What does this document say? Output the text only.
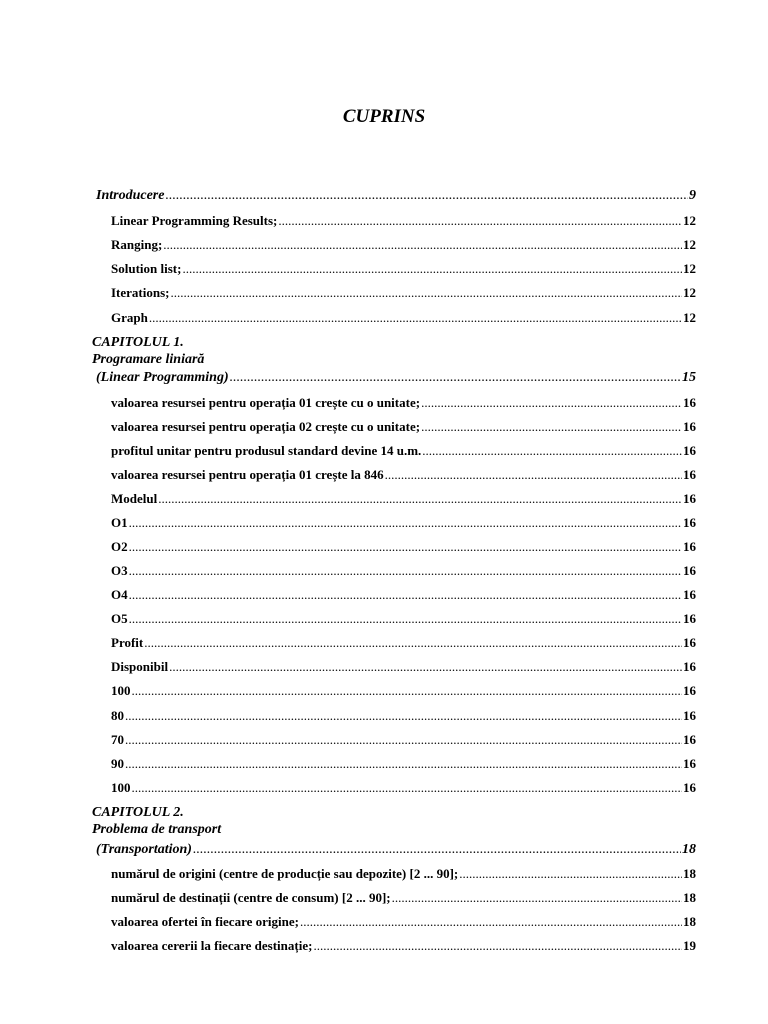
CUPRINS
Introducere .....	9
Linear Programming Results; .....	12
Ranging; .....	12
Solution list; .....	12
Iterations; .....	12
Graph .....	12
CAPITOLUL 1.
Programare liniară
(Linear Programming) .....	15
valoarea resursei pentru operația 01 crește cu o unitate; .....	16
valoarea resursei pentru operația 02 crește cu o unitate; .....	16
profitul unitar pentru produsul standard devine 14 u.m. .....	16
valoarea resursei pentru operația 01 crește la 846 .....	16
Modelul .....	16
O1 .....	16
O2 .....	16
O3 .....	16
O4 .....	16
O5 .....	16
Profit .....	16
Disponibil .....	16
100 .....	16
80 .....	16
70 .....	16
90 .....	16
100 .....	16
CAPITOLUL 2.
Problema de transport
(Transportation) .....	18
numărul de origini (centre de producție sau depozite) [2 ... 90]; .....	18
numărul de destinații (centre de consum) [2 ... 90]; .....	18
valoarea ofertei în fiecare origine; .....	18
valoarea cererii la fiecare destinație; .....	19
